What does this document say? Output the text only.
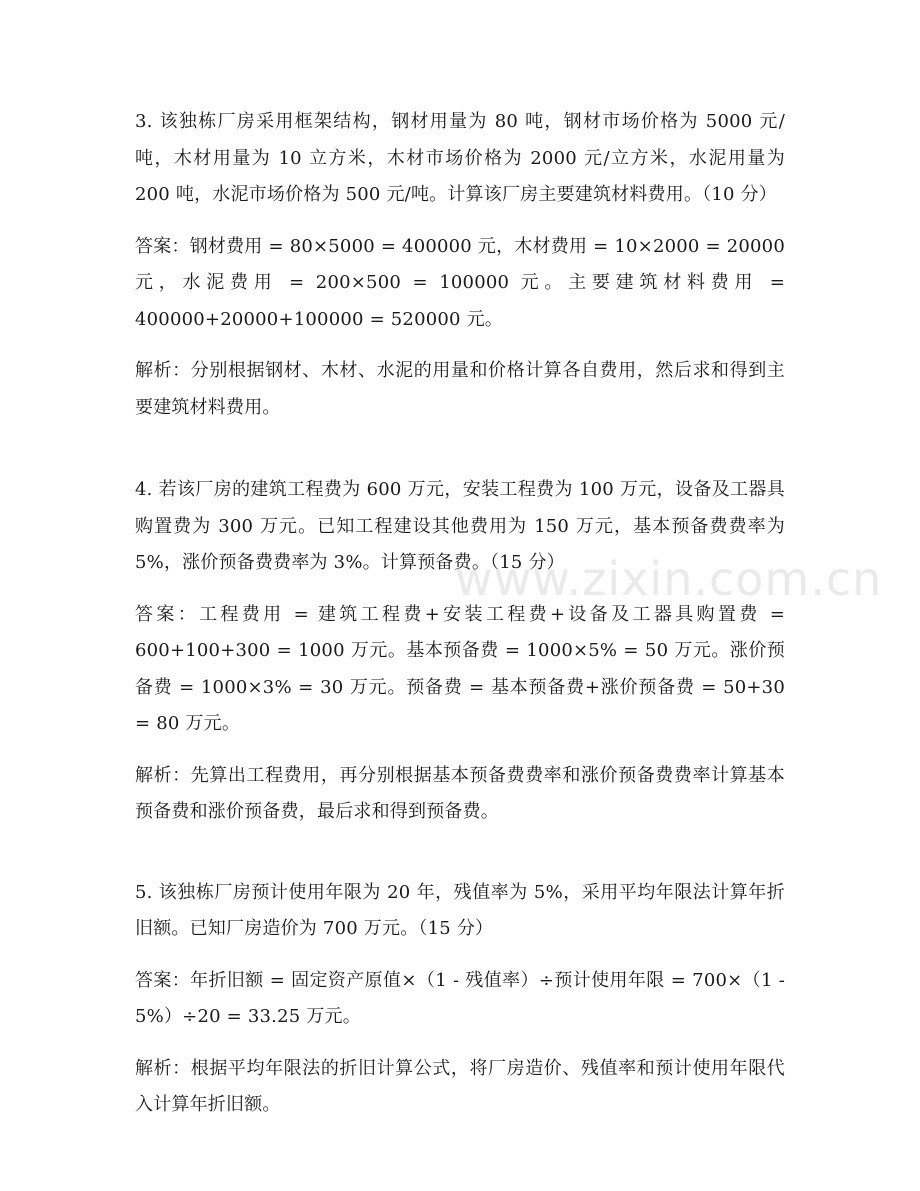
www.zixin.com.cn

3. 该独栋厂房采用框架结构，钢材用量为 80 吨，钢材市场价格为 5000 元/吨，木材用量为 10 立方米，木材市场价格为 2000 元/立方米，水泥用量为 200 吨，水泥市场价格为 500 元/吨。计算该厂房主要建筑材料费用。（10 分）

答案：钢材费用 = 80×5000 = 400000 元，木材费用 = 10×2000 = 20000 元，水泥费用 = 200×500 = 100000 元。主要建筑材料费用 = 400000+20000+100000 = 520000 元。

解析：分别根据钢材、木材、水泥的用量和价格计算各自费用，然后求和得到主要建筑材料费用。

4. 若该厂房的建筑工程费为 600 万元，安装工程费为 100 万元，设备及工器具购置费为 300 万元。已知工程建设其他费用为 150 万元，基本预备费费率为 5%，涨价预备费费率为 3%。计算预备费。（15 分）

答案：工程费用 = 建筑工程费+安装工程费+设备及工器具购置费 = 600+100+300 = 1000 万元。基本预备费 = 1000×5% = 50 万元。涨价预备费 = 1000×3% = 30 万元。预备费 = 基本预备费+涨价预备费 = 50+30 = 80 万元。

解析：先算出工程费用，再分别根据基本预备费费率和涨价预备费费率计算基本预备费和涨价预备费，最后求和得到预备费。

5. 该独栋厂房预计使用年限为 20 年，残值率为 5%，采用平均年限法计算年折旧额。已知厂房造价为 700 万元。（15 分）

答案：年折旧额 = 固定资产原值×（1 - 残值率）÷预计使用年限 = 700×（1 - 5%）÷20 = 33.25 万元。

解析：根据平均年限法的折旧计算公式，将厂房造价、残值率和预计使用年限代入计算年折旧额。
